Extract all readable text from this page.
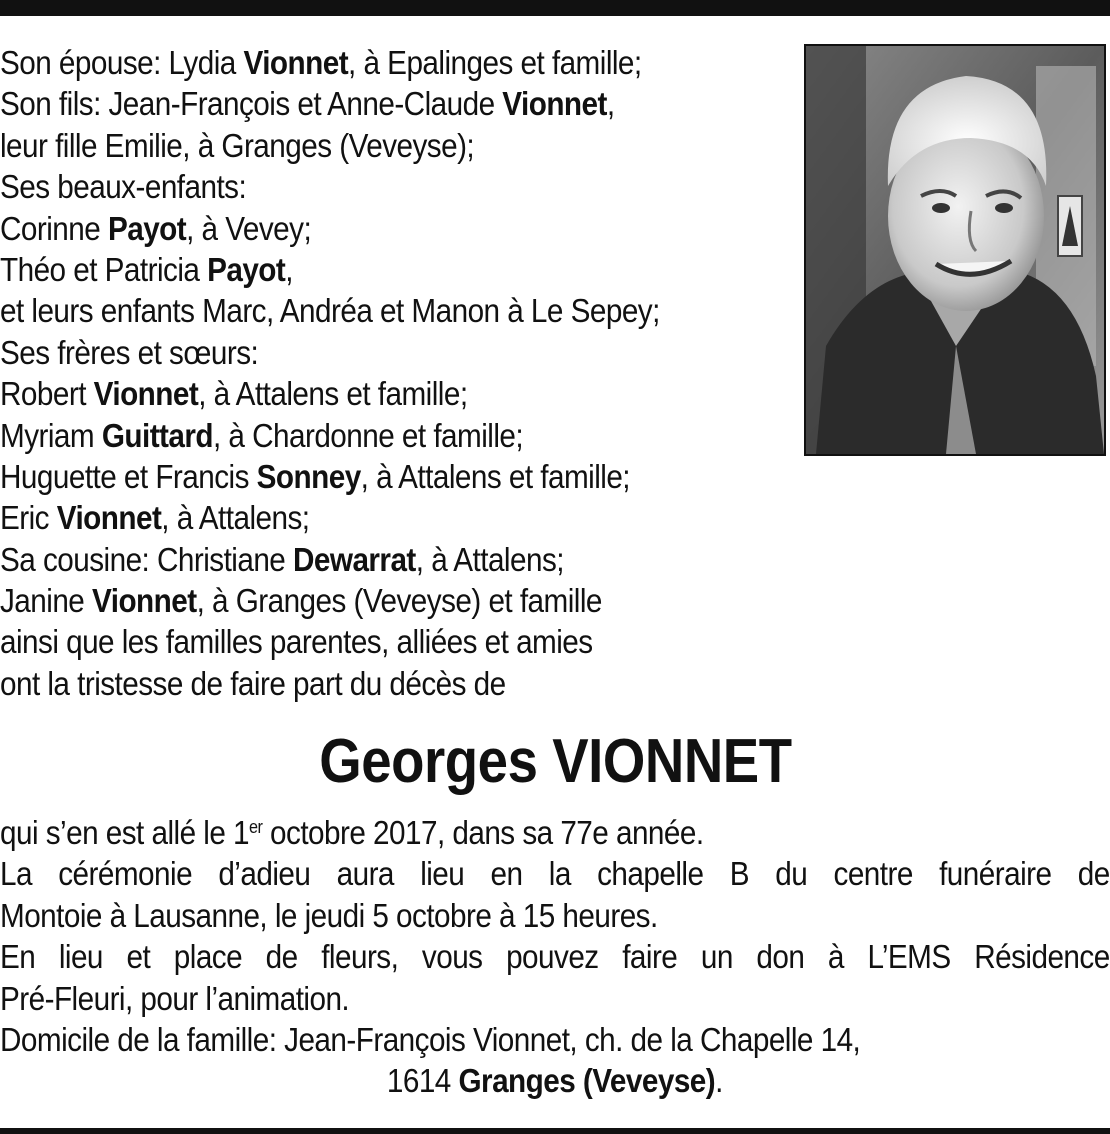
Son épouse: Lydia Vionnet, à Epalinges et famille;
Son fils: Jean-François et Anne-Claude Vionnet,
leur fille Emilie, à Granges (Veveyse);
Ses beaux-enfants:
Corinne Payot, à Vevey;
Théo et Patricia Payot,
et leurs enfants Marc, Andréa et Manon à Le Sepey;
Ses frères et sœurs:
Robert Vionnet, à Attalens et famille;
Myriam Guittard, à Chardonne et famille;
Huguette et Francis Sonney, à Attalens et famille;
Eric Vionnet, à Attalens;
Sa cousine: Christiane Dewarrat, à Attalens;
Janine Vionnet, à Granges (Veveyse) et famille
ainsi que les familles parentes, alliées et amies
ont la tristesse de faire part du décès de
Georges VIONNET
qui s’en est allé le 1er octobre 2017, dans sa 77e année.
La cérémonie d’adieu aura lieu en la chapelle B du centre funéraire de
Montoie à Lausanne, le jeudi 5 octobre à 15 heures.
En lieu et place de fleurs, vous pouvez faire un don à L’EMS Résidence
Pré-Fleuri, pour l’animation.
Domicile de la famille: Jean-François Vionnet, ch. de la Chapelle 14,
1614 Granges (Veveyse).
